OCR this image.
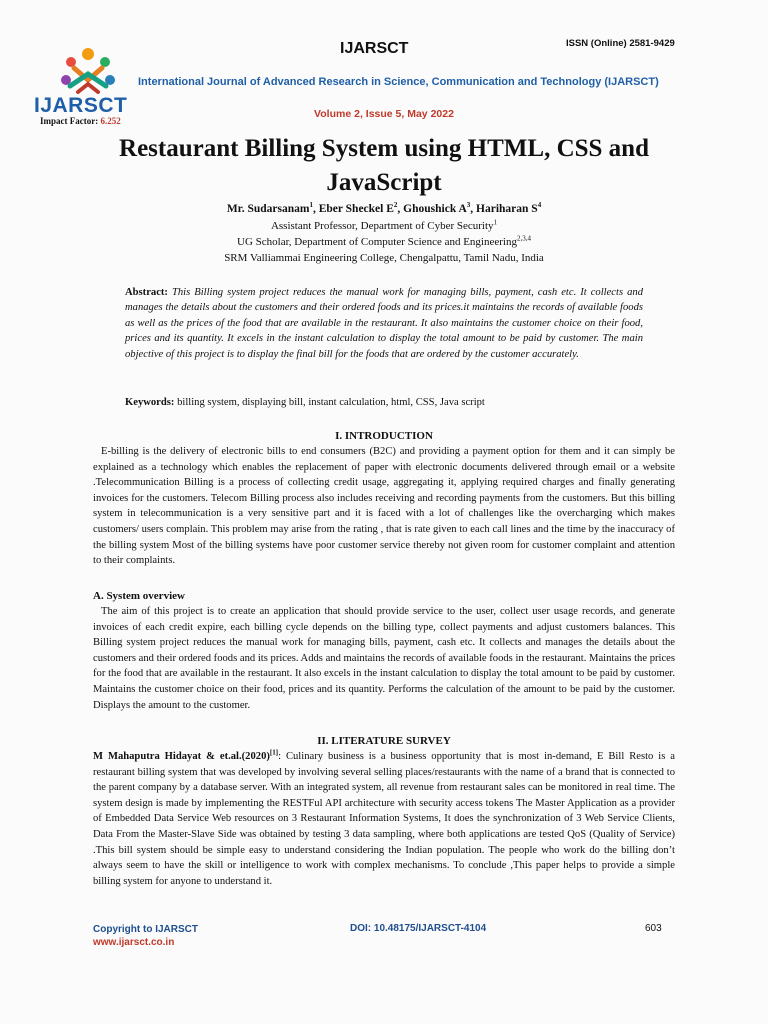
IJARSCT
Impact Factor: 6.252
IJARSCT	ISSN (Online) 2581-9429
International Journal of Advanced Research in Science, Communication and Technology (IJARSCT)
Volume 2, Issue 5, May 2022
Restaurant Billing System using HTML, CSS and JavaScript
Mr. Sudarsanam$^1$, Eber Sheckel $E^2$, Ghoushick $A^3$, Hariharan $S^4$
Assistant Professor, Department of Cyber Security$^1$
UG Scholar, Department of Computer Science and Engineering$^{2,3,4}$
SRM Valliammai Engineering College, Chengalpattu, Tamil Nadu, India
Abstract: This Billing system project reduces the manual work for managing bills, payment, cash etc. It collects and manages the details about the customers and their ordered foods and its prices.it maintains the records of available foods as well as the prices of the food that are available in the restaurant. It also maintains the customer choice on their food, prices and its quantity. It excels in the instant calculation to display the total amount to be paid by customer. The main objective of this project is to display the final bill for the foods that are ordered by the customer accurately.
Keywords: billing system, displaying bill, instant calculation, html, CSS, Java script
I. INTRODUCTION
E-billing is the delivery of electronic bills to end consumers (B2C) and providing a payment option for them and it can simply be explained as a technology which enables the replacement of paper with electronic documents delivered through email or a website .Telecommunication Billing is a process of collecting credit usage, aggregating it, applying required charges and finally generating invoices for the customers. Telecom Billing process also includes receiving and recording payments from the customers. But this billing system in telecommunication is a very sensitive part and it is faced with a lot of challenges like the overcharging which makes customers/ users complain. This problem may arise from the rating , that is rate given to each call lines and the time by the inaccuracy of the billing system Most of the billing systems have poor customer service thereby not given room for customer complaint and attention to their complaints.
A. System overview
The aim of this project is to create an application that should provide service to the user, collect user usage records, and generate invoices of each credit expire, each billing cycle depends on the billing type, collect payments and adjust customers balances. This Billing system project reduces the manual work for managing bills, payment, cash etc. It collects and manages the details about the customers and their ordered foods and its prices. Adds and maintains the records of available foods in the restaurant. Maintains the prices for the food that are available in the restaurant. It also excels in the instant calculation to display the total amount to be paid by customer. Maintains the customer choice on their food, prices and its quantity. Performs the calculation of the amount to be paid by the customer. Displays the amount to the customer.
II. LITERATURE SURVEY
M Mahaputra Hidayat & et.al.(2020)[1]: Culinary business is a business opportunity that is most in-demand, E Bill Resto is a restaurant billing system that was developed by involving several selling places/restaurants with the name of a brand that is connected to the parent company by a database server. With an integrated system, all revenue from restaurant sales can be monitored in real time. The system design is made by implementing the RESTFul API architecture with security access tokens The Master Application as a provider of Embedded Data Service Web resources on 3 Restaurant Information Systems, It does the synchronization of 3 Web Service Clients, Data From the Master-Slave Side was obtained by testing 3 data sampling, where both applications are tested QoS (Quality of Service) .This bill system should be simple easy to understand considering the Indian population. The people who work do the billing don’t always seem to have the skill or intelligence to work with complex mechanisms. To conclude ,This paper helps to provide a simple billing system for anyone to understand it.
Copyright to IJARSCT
www.ijarsct.co.in
DOI: 10.48175/IJARSCT-4104	603
